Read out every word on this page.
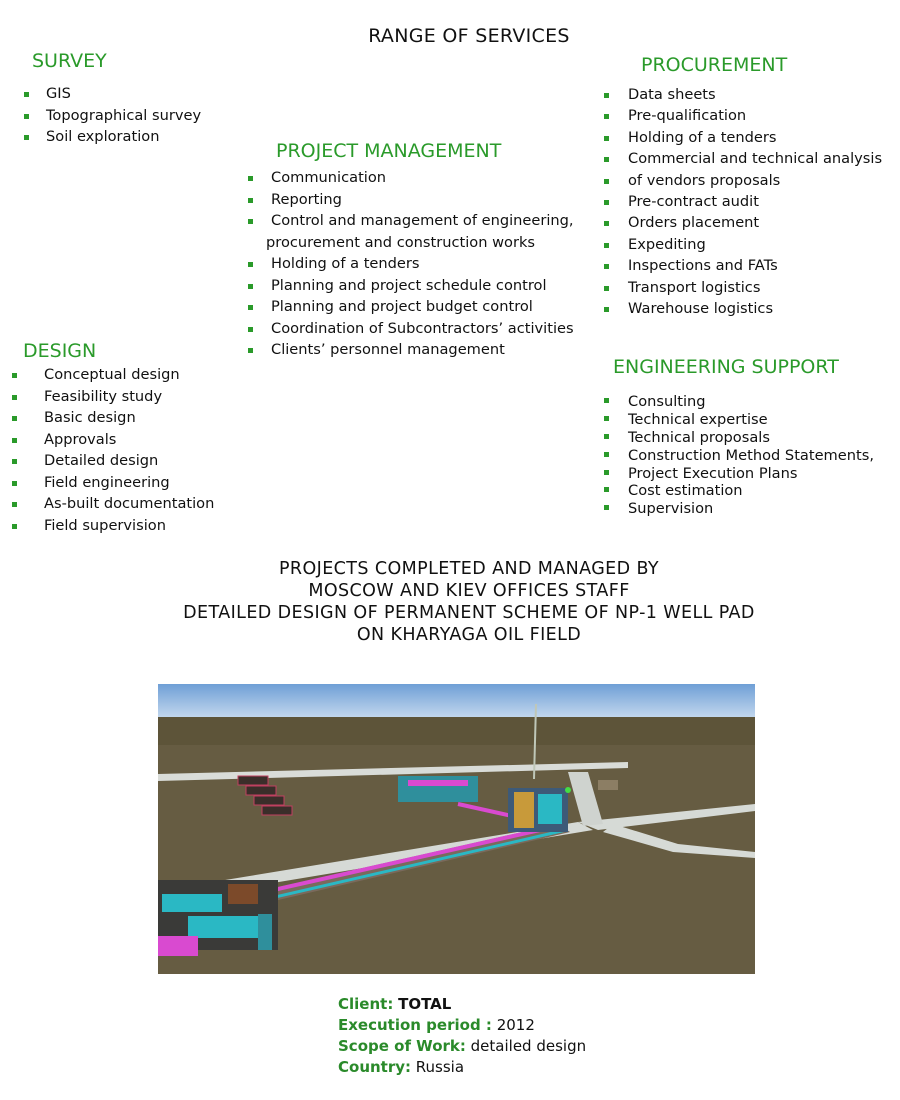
RANGE OF SERVICES
SURVEY
GIS
Topographical survey
Soil exploration
PROJECT MANAGEMENT
Communication
Reporting
Control and management of engineering,
procurement and construction works
Holding of a tenders
Planning and project schedule control
Planning and project budget control
Coordination of Subcontractors’ activities
Clients’ personnel management
PROCUREMENT
Data sheets
Pre-qualification
Holding of a tenders
Commercial and technical analysis
of vendors proposals
Pre-contract audit
Orders placement
Expediting
Inspections and FATs
Transport logistics
Warehouse logistics
DESIGN
Conceptual design
Feasibility study
Basic design
Approvals
Detailed design
Field engineering
As-built documentation
Field supervision
ENGINEERING SUPPORT
Consulting
Technical expertise
Technical proposals
Construction Method Statements,
Project Execution Plans
Cost estimation
Supervision
PROJECTS COMPLETED AND MANAGED BY
MOSCOW AND KIEV OFFICES STAFF
DETAILED DESIGN OF PERMANENT SCHEME OF NP-1 WELL PAD
ON KHARYAGA OIL FIELD
Client: TOTAL
Execution period : 2012
Scope of Work: detailed design
Country: Russia
